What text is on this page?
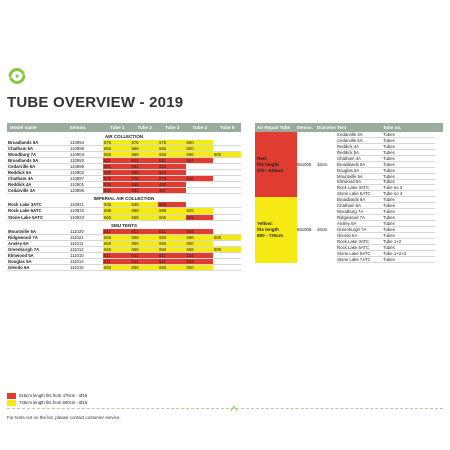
TUBE OVERVIEW - 2019
Model name	Itemno.	Tube 1	Tube 2	Tube 3	Tube 4	Tube 5
AIR COLLECTION
Broadlands 6A	110894	676	676	676	600
Chatham 6A	110898	656	656	656	600
Woodburg 7A	110904	656	656	656	656	600
Broadlands 5A	110893	611	611	611	544
Cedarville 5A	110896	581	581	524
Reddick 5A	110902	580	580	524
Chatham 4A	110897	576	576	576	516
Reddick 4A	110901	535	535	480
Cedarville 3A	110895	531	531	467
IMPERIAL AIR COLLECTION
Rock Lake 3ATC	110921	635	635	565
Rock Lake 5ATC	110922	698	698	698	625
Stone Lake 5ATC	110923	665	665	665	601
SMU TENTS
Mountville 5A	111020	611	611	611	544
Ridgewood 7A	111021	656	656	656	656	600
Ansley 6A	111011	656	656	656	600
Greenburgh 7A	111012	656	656	656	656	600
Elmwood 5A	111010	611	611	611	544
Douglas 5A	111014	611	611	611	544
Glendo 6A	111015	656	656	656	600
615cm length fits from 470cm - Ø16
725cm length fits from 600cm - Ø16
For tents not on the list, please contact costumer service.
Air Repair Tube	Itemno. Diameter Tent	Tube no.
Red:
fits length
470 - 615cm
651005	16cm
Cedarville 3A	Tubes
Cedarville 5A	Tubes
Reddick 4A	Tubes
Reddick 5A	Tubes
Chatham 4A	Tubes
Broadlands 5A	Tubes
Douglas 5A	Tubes
Mountville 5A	Tubes
Elmwood 5A	Tubes
Rock Lake 3ATC	Tube no 3
Stone Lake 5ATC	Tube no 4
Yellow:
fits length
600 - 725cm
651006	16cm
Broadlands 6A	Tubes
Chatham 6A	Tubes
Woodburg 7A	Tubes
Ridgewood 7A	Tubes
Ansley 6A	Tubes
Greenburgh 7A	Tubes
Glendo 6A	Tubes
Rock Lake 3ATC	Tube 1+2
Rock Lake 5ATC	Tubes
Stone Lake 5ATC	Tube 1+2+3
Stone Lake 7ATC	Tubes
